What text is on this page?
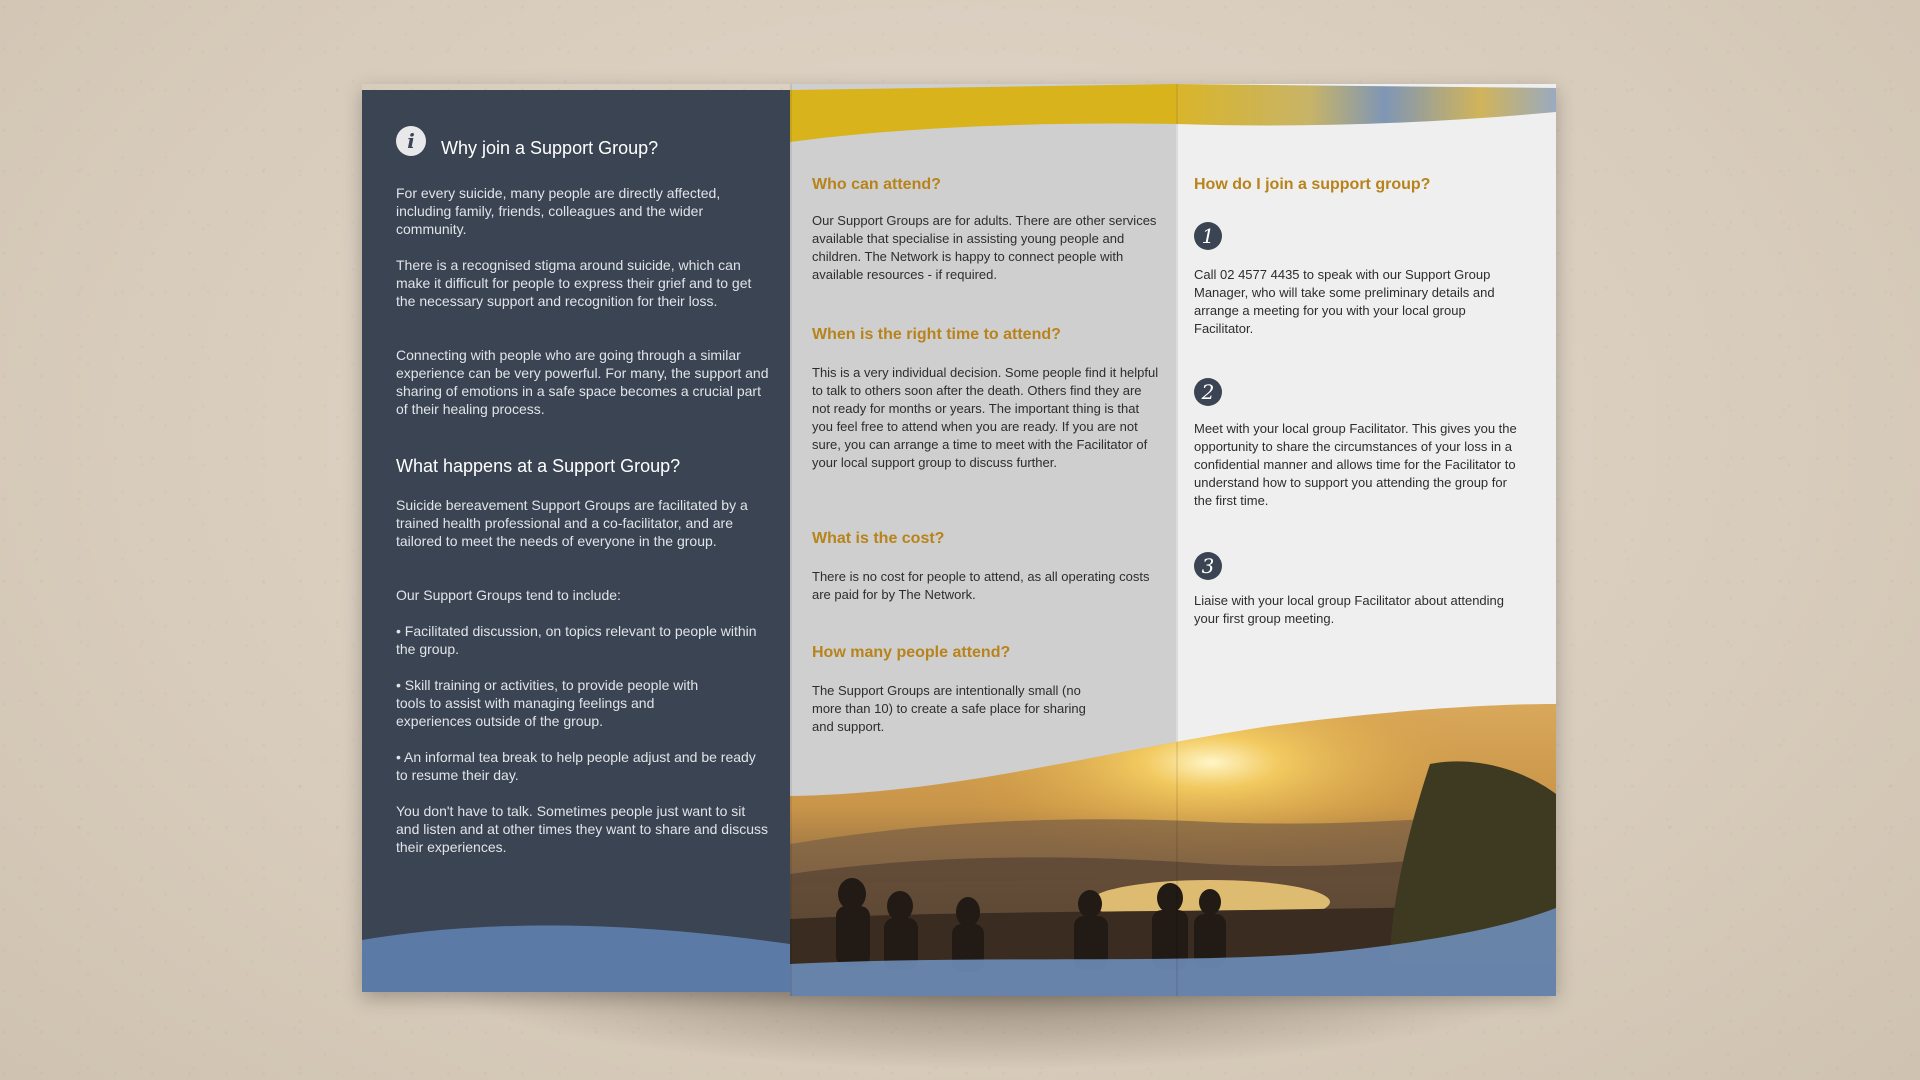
i	Why join a Support Group?

For every suicide, many people are directly affected, including family, friends, colleagues and the wider community.

There is a recognised stigma around suicide, which can make it difficult for people to express their grief and to get the necessary support and recognition for their loss.

Connecting with people who are going through a similar experience can be very powerful. For many, the support and sharing of emotions in a safe space becomes a crucial part of their healing process.

What happens at a Support Group?

Suicide bereavement Support Groups are facilitated by a trained health professional and a co-facilitator, and are tailored to meet the needs of everyone in the group.

Our Support Groups tend to include:

• Facilitated discussion, on topics relevant to people within the group.

• Skill training or activities, to provide people with tools to assist with managing feelings and experiences outside of the group.

• An informal tea break to help people adjust and be ready to resume their day.

You don't have to talk. Sometimes people just want to sit and listen and at other times they want to share and discuss their experiences.

Who can attend?

Our Support Groups are for adults. There are other services available that specialise in assisting young people and children. The Network is happy to connect people with available resources - if required.

When is the right time to attend?

This is a very individual decision. Some people find it helpful to talk to others soon after the death. Others find they are not ready for months or years. The important thing is that you feel free to attend when you are ready. If you are not sure, you can arrange a time to meet with the Facilitator of your local support group to discuss further.

What is the cost?

There is no cost for people to attend, as all operating costs are paid for by The Network.

How many people attend?

The Support Groups are intentionally small (no more than 10) to create a safe place for sharing and support.

How do I join a support group?
1

Call 02 4577 4435 to speak with our Support Group Manager, who will take some preliminary details and arrange a meeting for you with your local group Facilitator.

2

Meet with your local group Facilitator. This gives you the opportunity to share the circumstances of your loss in a confidential manner and allows time for the Facilitator to understand how to support you attending the group for the first time.

3

Liaise with your local group Facilitator about attending your first group meeting.
